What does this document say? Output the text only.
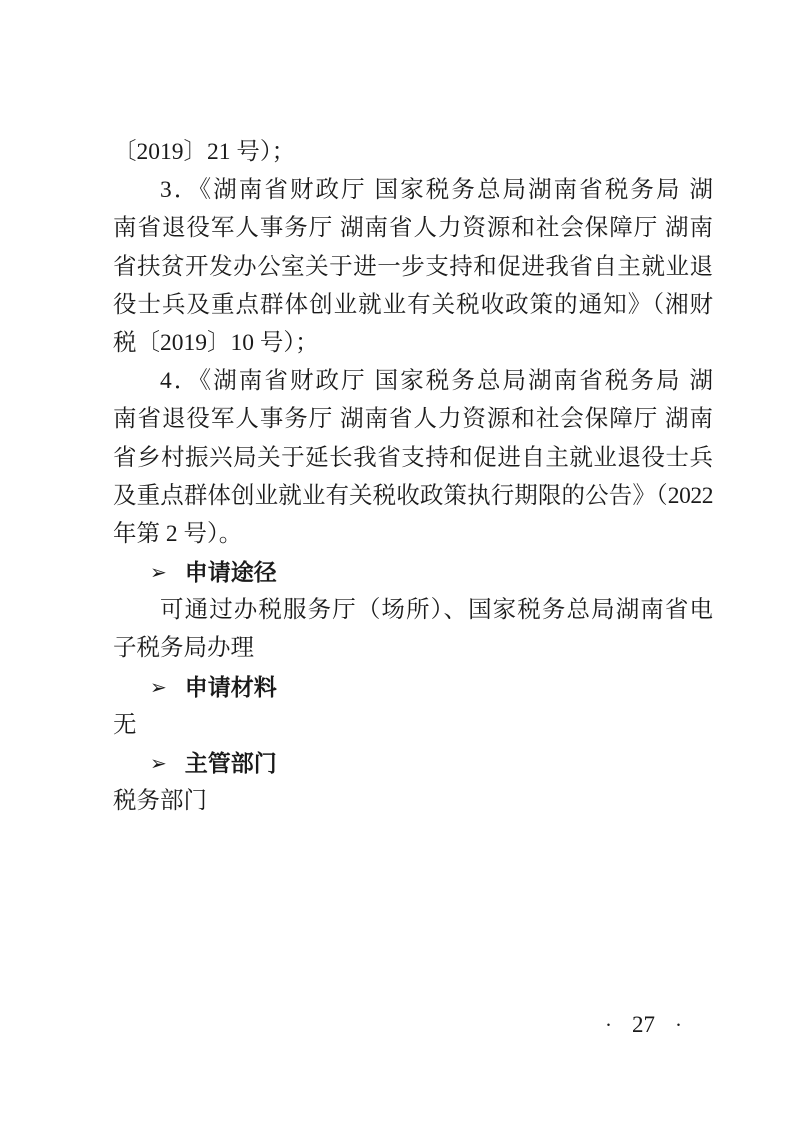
〔2019〕21 号）；
3．《湖南省财政厅 国家税务总局湖南省税务局 湖
南省退役军人事务厅 湖南省人力资源和社会保障厅 湖南
省扶贫开发办公室关于进一步支持和促进我省自主就业退
役士兵及重点群体创业就业有关税收政策的通知》（湘财
税〔2019〕10 号）；
4．《湖南省财政厅 国家税务总局湖南省税务局 湖
南省退役军人事务厅 湖南省人力资源和社会保障厅 湖南
省乡村振兴局关于延长我省支持和促进自主就业退役士兵
及重点群体创业就业有关税收政策执行期限的公告》（2022
年第 2 号）。
➢ 申请途径
可通过办税服务厅（场所）、国家税务总局湖南省电
子税务局办理
➢ 申请材料
无
➢ 主管部门
税务部门
· 27 ·
